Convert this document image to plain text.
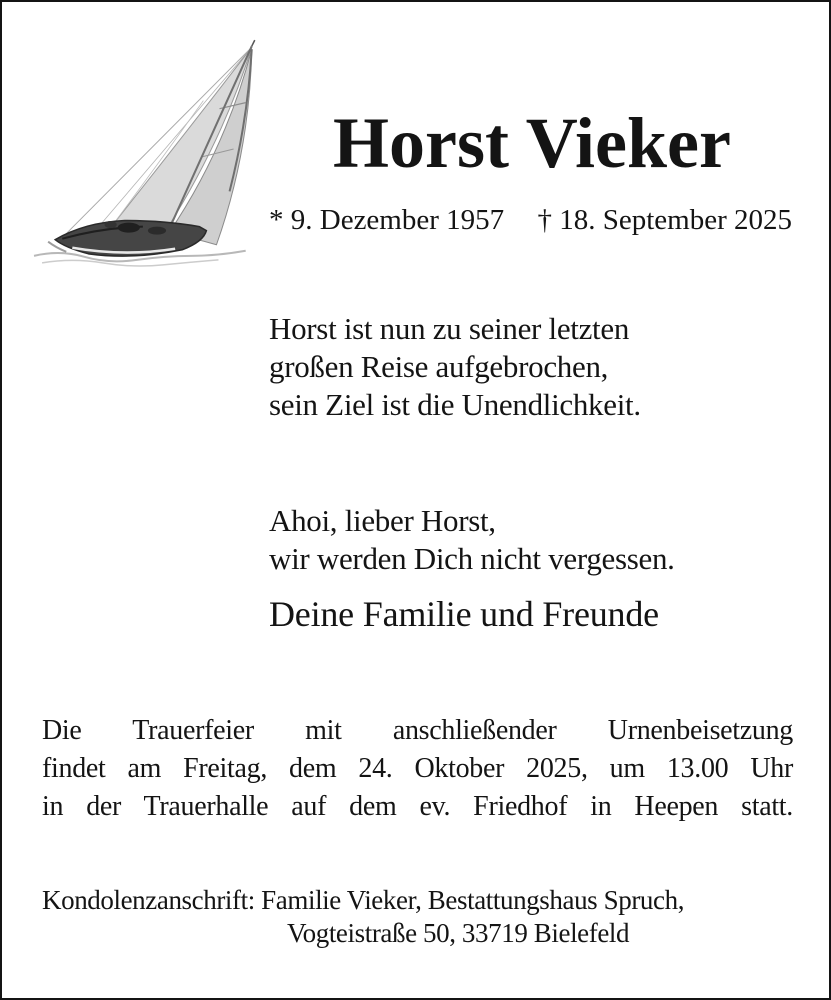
Horst Vieker
* 9. Dezember 1957 † 18. September 2025
Horst ist nun zu seiner letzten
großen Reise aufgebrochen,
sein Ziel ist die Unendlichkeit.
Ahoi, lieber Horst,
wir werden Dich nicht vergessen.
Deine Familie und Freunde
Die Trauerfeier mit anschließender Urnenbeisetzung
findet am Freitag, dem 24. Oktober 2025, um 13.00 Uhr
in der Trauerhalle auf dem ev. Friedhof in Heepen statt.
Kondolenzanschrift: Familie Vieker, Bestattungshaus Spruch,
Vogteistraße 50, 33719 Bielefeld
